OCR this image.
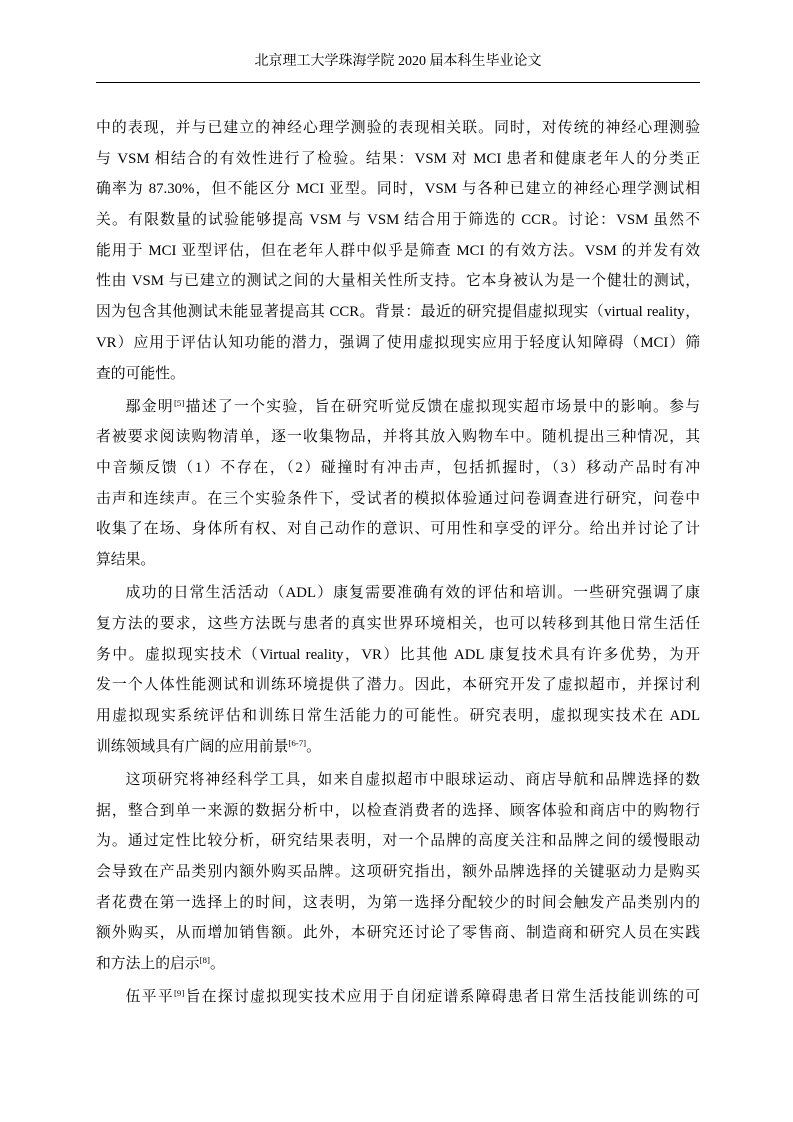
北京理工大学珠海学院 2020 届本科生毕业论文
中的表现，并与已建立的神经心理学测验的表现相关联。同时，对传统的神经心理测验
与 VSM 相结合的有效性进行了检验。结果：VSM 对 MCI 患者和健康老年人的分类正
确率为 87.30%，但不能区分 MCI 亚型。同时，VSM 与各种已建立的神经心理学测试相
关。有限数量的试验能够提高 VSM 与 VSM 结合用于筛选的 CCR。讨论：VSM 虽然不
能用于 MCI 亚型评估，但在老年人群中似乎是筛查 MCI 的有效方法。VSM 的并发有效
性由 VSM 与已建立的测试之间的大量相关性所支持。它本身被认为是一个健壮的测试，
因为包含其他测试未能显著提高其 CCR。背景：最近的研究提倡虚拟现实（virtual reality，
VR）应用于评估认知功能的潜力，强调了使用虚拟现实应用于轻度认知障碍（MCI）筛
查的可能性。
鄢金明[5]描述了一个实验，旨在研究听觉反馈在虚拟现实超市场景中的影响。参与
者被要求阅读购物清单，逐一收集物品，并将其放入购物车中。随机提出三种情况，其
中音频反馈（1）不存在，（2）碰撞时有冲击声，包括抓握时，（3）移动产品时有冲
击声和连续声。在三个实验条件下，受试者的模拟体验通过问卷调查进行研究，问卷中
收集了在场、身体所有权、对自己动作的意识、可用性和享受的评分。给出并讨论了计
算结果。
成功的日常生活活动（ADL）康复需要准确有效的评估和培训。一些研究强调了康
复方法的要求，这些方法既与患者的真实世界环境相关，也可以转移到其他日常生活任
务中。虚拟现实技术（Virtual reality，VR）比其他 ADL 康复技术具有许多优势，为开
发一个人体性能测试和训练环境提供了潜力。因此，本研究开发了虚拟超市，并探讨利
用虚拟现实系统评估和训练日常生活能力的可能性。研究表明，虚拟现实技术在 ADL
训练领域具有广阔的应用前景[6-7]。
这项研究将神经科学工具，如来自虚拟超市中眼球运动、商店导航和品牌选择的数
据，整合到单一来源的数据分析中，以检查消费者的选择、顾客体验和商店中的购物行
为。通过定性比较分析，研究结果表明，对一个品牌的高度关注和品牌之间的缓慢眼动
会导致在产品类别内额外购买品牌。这项研究指出，额外品牌选择的关键驱动力是购买
者花费在第一选择上的时间，这表明，为第一选择分配较少的时间会触发产品类别内的
额外购买，从而增加销售额。此外，本研究还讨论了零售商、制造商和研究人员在实践
和方法上的启示[8]。
伍平平[9]旨在探讨虚拟现实技术应用于自闭症谱系障碍患者日常生活技能训练的可
